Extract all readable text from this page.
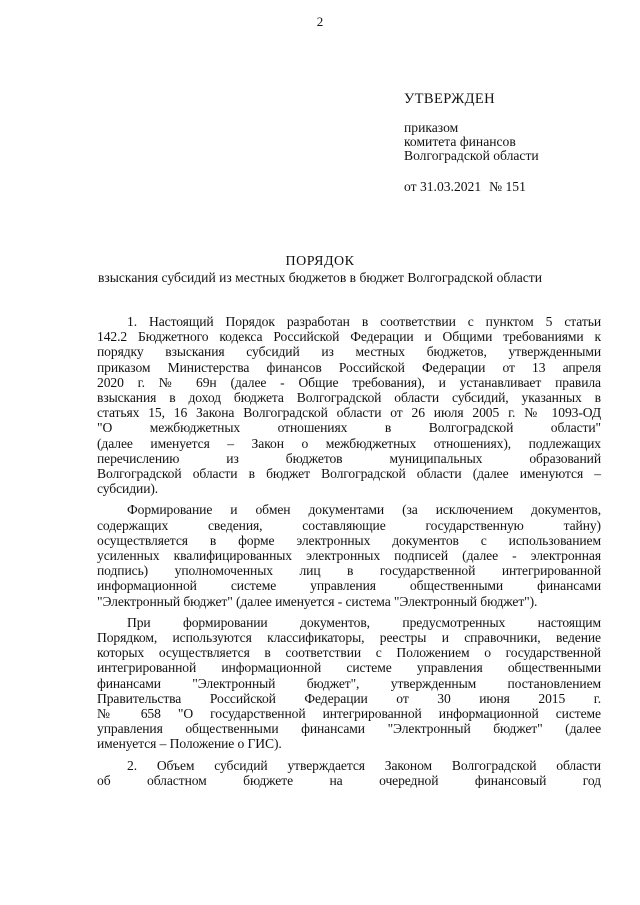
2
УТВЕРЖДЕН
приказом
комитета финансов
Волгоградской области
от 31.03.2021 № 151
ПОРЯДОК
взыскания субсидий из местных бюджетов в бюджет Волгоградской области
1. Настоящий Порядок разработан в соответствии с пунктом 5 статьи
142.2 Бюджетного кодекса Российской Федерации и Общими требованиями к
порядку взыскания субсидий из местных бюджетов, утвержденными
приказом Министерства финансов Российской Федерации от 13 апреля
2020 г. № 69н (далее - Общие требования), и устанавливает правила
взыскания в доход бюджета Волгоградской области субсидий, указанных в
статьях 15, 16 Закона Волгоградской области от 26 июля 2005 г. № 1093-ОД
"О межбюджетных отношениях в Волгоградской области"
(далее именуется – Закон о межбюджетных отношениях), подлежащих
перечислению из бюджетов муниципальных образований
Волгоградской области в бюджет Волгоградской области (далее именуются –
субсидии).
Формирование и обмен документами (за исключением документов,
содержащих сведения, составляющие государственную тайну)
осуществляется в форме электронных документов с использованием
усиленных квалифицированных электронных подписей (далее - электронная
подпись) уполномоченных лиц в государственной интегрированной
информационной системе управления общественными финансами
"Электронный бюджет" (далее именуется - система "Электронный бюджет").
При формировании документов, предусмотренных настоящим
Порядком, используются классификаторы, реестры и справочники, ведение
которых осуществляется в соответствии с Положением о государственной
интегрированной информационной системе управления общественными
финансами "Электронный бюджет", утвержденным постановлением
Правительства Российской Федерации от 30 июня 2015 г.
№ 658 "О государственной интегрированной информационной системе
управления общественными финансами "Электронный бюджет" (далее
именуется – Положение о ГИС).
2. Объем субсидий утверждается Законом Волгоградской области
об областном бюджете на очередной финансовый год
